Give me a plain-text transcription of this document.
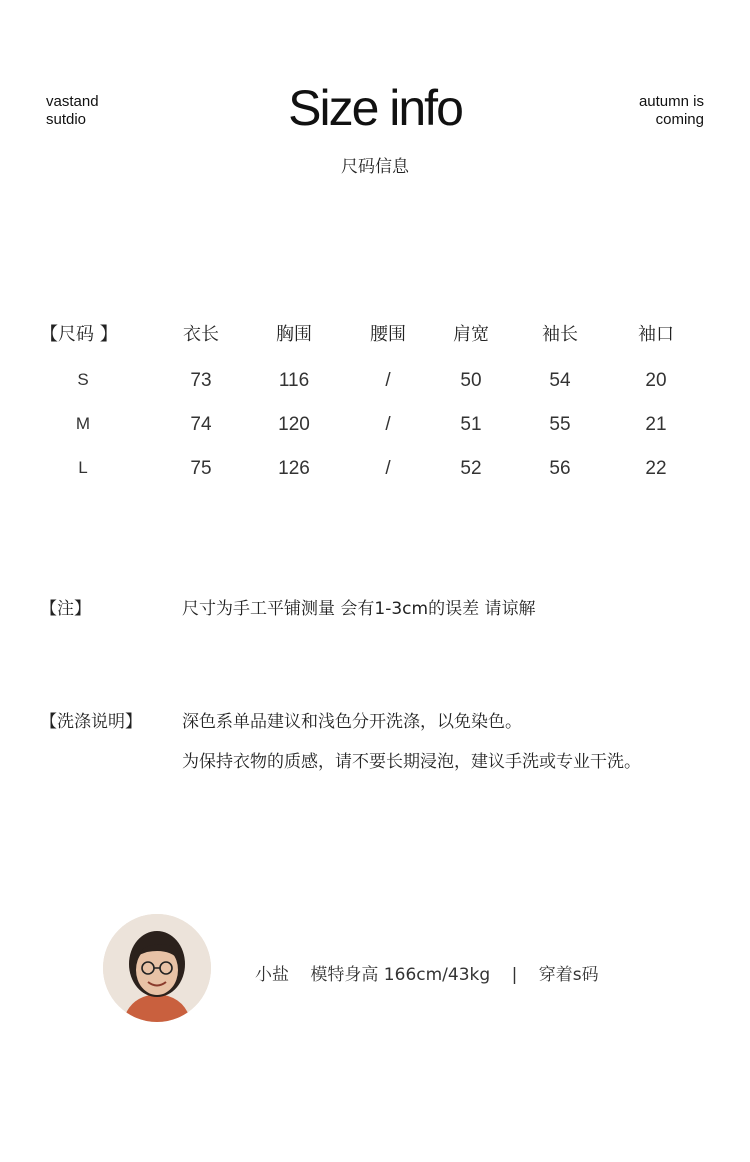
vastand
sutdio	Size info	autumn is
coming
尺码信息
【尺码 】	衣长	胸围	腰围	肩宽	袖长	袖口
S	73	116	/	50	54	20
M	74	120	/	51	55	21
L	75	126	/	52	56	22
【注】	尺寸为手工平铺测量 会有1-3cm的误差 请谅解
【洗涤说明】 深色系单品建议和浅色分开洗涤，以免染色。
为保持衣物的质感，请不要长期浸泡，建议手洗或专业干洗。
小盐 模特身高 166cm/43kg | 穿着s码
